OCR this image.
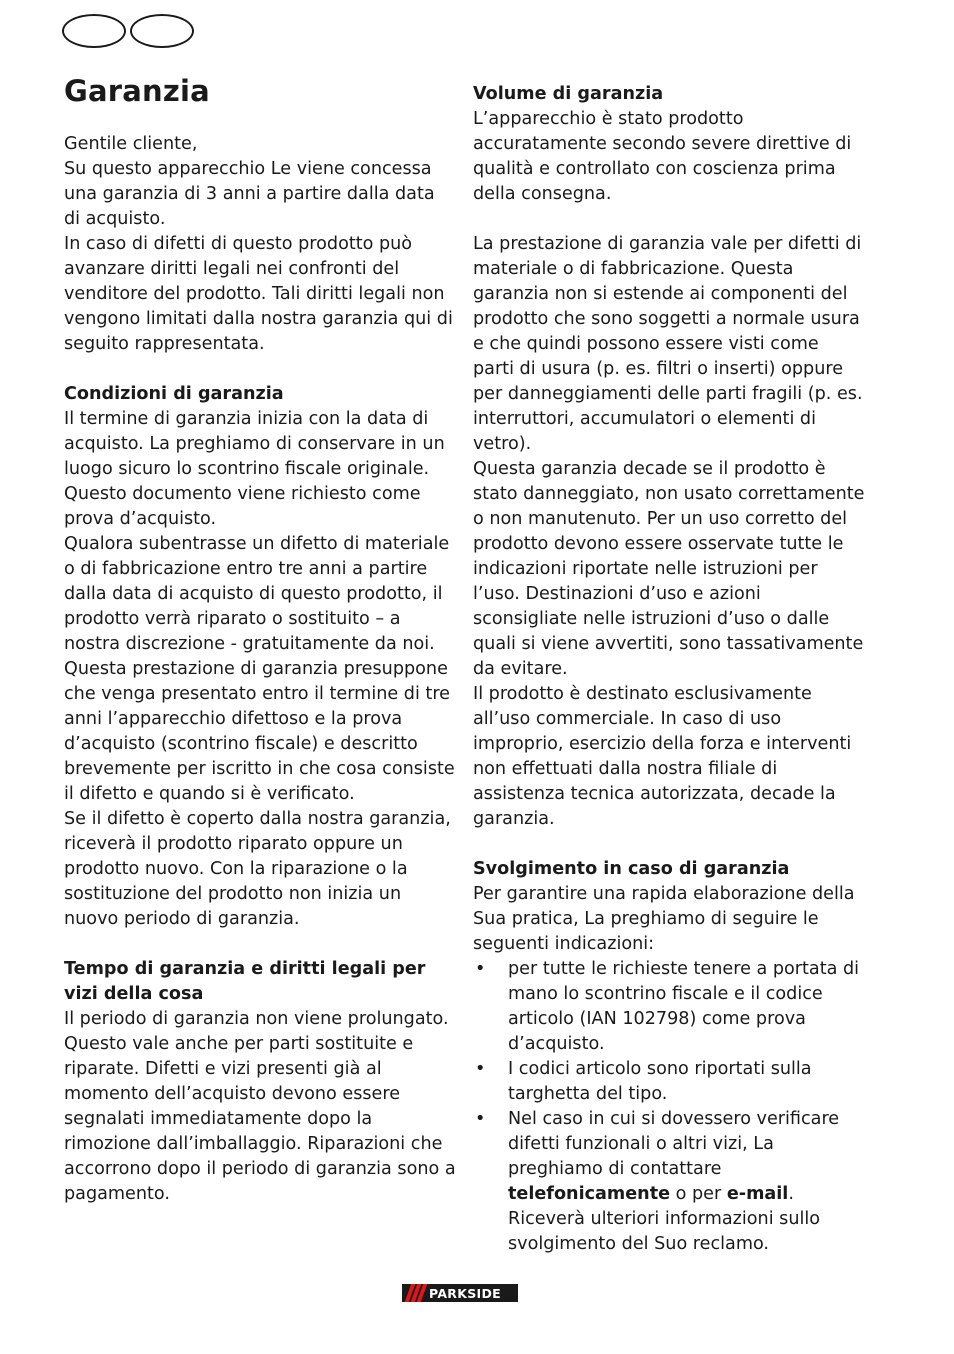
Garanzia

Gentile cliente,

Su questo apparecchio Le viene concessa una garanzia di 3 anni a partire dalla data di acquisto.

In caso di difetti di questo prodotto può avanzare diritti legali nei confronti del venditore del prodotto. Tali diritti legali non vengono limitati dalla nostra garanzia qui di seguito rappresentata.

Condizioni di garanzia

Il termine di garanzia inizia con la data di acquisto. La preghiamo di conservare in un luogo sicuro lo scontrino fiscale originale. Questo documento viene richiesto come prova d’acquisto.

Qualora subentrasse un difetto di materiale o di fabbricazione entro tre anni a partire dalla data di acquisto di questo prodotto, il prodotto verrà riparato o sostituito – a nostra discrezione - gratuitamente da noi. Questa prestazione di garanzia presuppone che venga presentato entro il termine di tre anni l’apparecchio difettoso e la prova d’acquisto (scontrino fiscale) e descritto brevemente per iscritto in che cosa consiste il difetto e quando si è verificato.

Se il difetto è coperto dalla nostra garanzia, riceverà il prodotto riparato oppure un prodotto nuovo. Con la riparazione o la sostituzione del prodotto non inizia un nuovo periodo di garanzia.

Tempo di garanzia e diritti legali per vizi della cosa

Il periodo di garanzia non viene prolungato. Questo vale anche per parti sostituite e riparate. Difetti e vizi presenti già al momento dell’acquisto devono essere segnalati immediatamente dopo la rimozione dall’imballaggio. Riparazioni che accorrono dopo il periodo di garanzia sono a pagamento.

Volume di garanzia

L’apparecchio è stato prodotto accuratamente secondo severe direttive di qualità e controllato con coscienza prima della consegna.

La prestazione di garanzia vale per difetti di materiale o di fabbricazione. Questa garanzia non si estende ai componenti del prodotto che sono soggetti a normale usura e che quindi possono essere visti come parti di usura (p. es. filtri o inserti) oppure per danneggiamenti delle parti fragili (p. es. interruttori, accumulatori o elementi di vetro).

Questa garanzia decade se il prodotto è stato danneggiato, non usato correttamente o non manutenuto. Per un uso corretto del prodotto devono essere osservate tutte le indicazioni riportate nelle istruzioni per l’uso. Destinazioni d’uso e azioni sconsigliate nelle istruzioni d’uso o dalle quali si viene avvertiti, sono tassativamente da evitare.

Il prodotto è destinato esclusivamente all’uso commerciale. In caso di uso improprio, esercizio della forza e interventi non effettuati dalla nostra filiale di assistenza tecnica autorizzata, decade la garanzia.

Svolgimento in caso di garanzia

Per garantire una rapida elaborazione della Sua pratica, La preghiamo di seguire le seguenti indicazioni:

• per tutte le richieste tenere a portata di mano lo scontrino fiscale e il codice articolo (IAN 102798) come prova d’acquisto.
• I codici articolo sono riportati sulla targhetta del tipo.
• Nel caso in cui si dovessero verificare difetti funzionali o altri vizi, La preghiamo di contattare telefonicamente o per e-mail. Riceverà ulteriori informazioni sullo svolgimento del Suo reclamo.
PARKSIDE
